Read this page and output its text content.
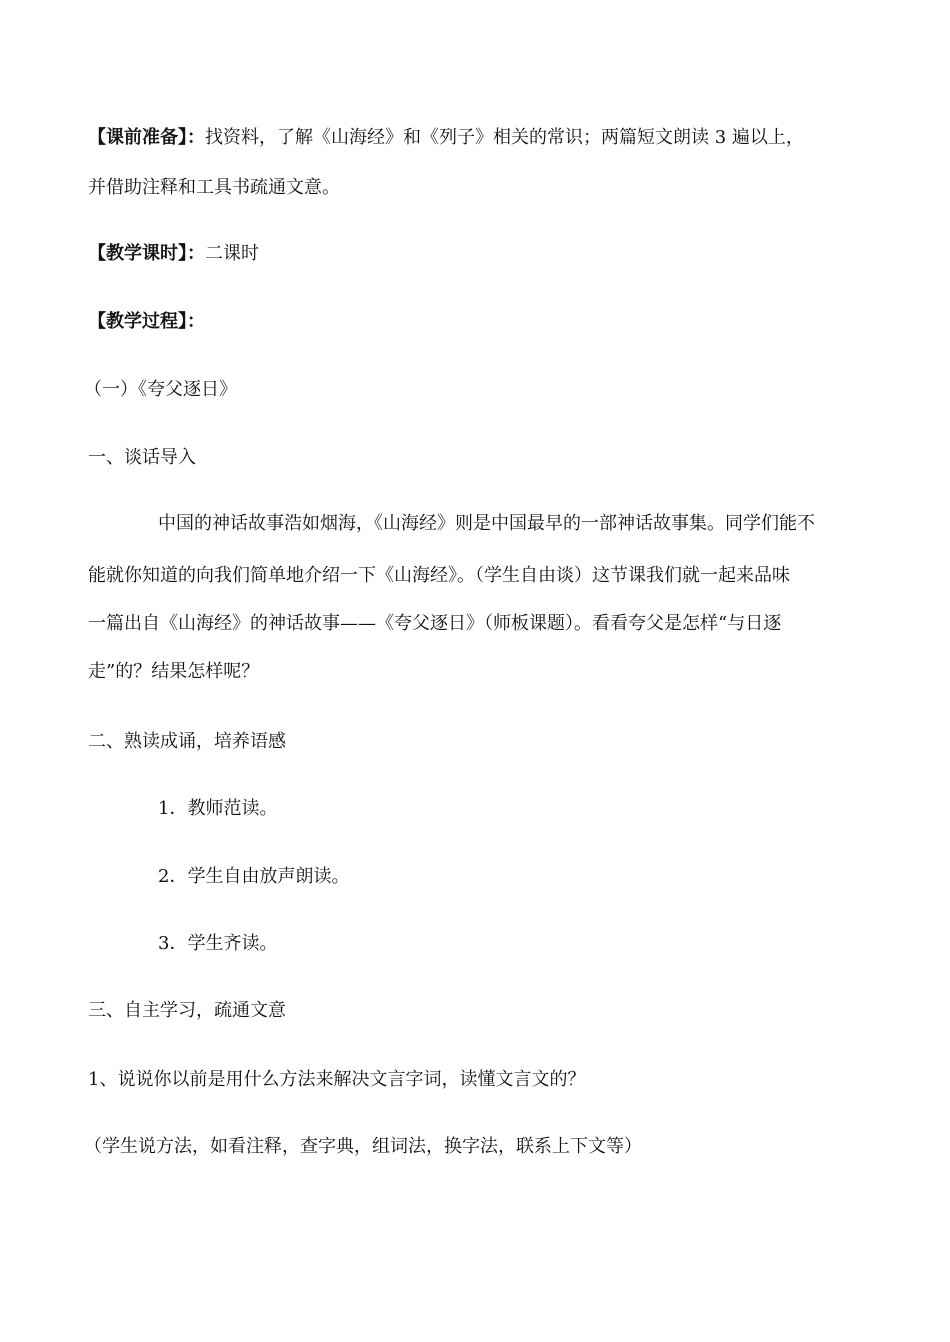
【课前准备】：找资料，了解《山海经》和《列子》相关的常识；两篇短文朗读 3 遍以上，
并借助注释和工具书疏通文意。
【教学课时】：二课时
【教学过程】：
（一）《夸父逐日》
一、谈话导入
中国的神话故事浩如烟海，《山海经》则是中国最早的一部神话故事集。同学们能不
能就你知道的向我们简单地介绍一下《山海经》。（学生自由谈）这节课我们就一起来品味
一篇出自《山海经》的神话故事——《夸父逐日》（师板课题）。看看夸父是怎样“与日逐
走”的？结果怎样呢？
二、熟读成诵，培养语感
1．教师范读。
2．学生自由放声朗读。
3．学生齐读。
三、自主学习，疏通文意
1、说说你以前是用什么方法来解决文言字词，读懂文言文的？
（学生说方法，如看注释，查字典，组词法，换字法，联系上下文等）
